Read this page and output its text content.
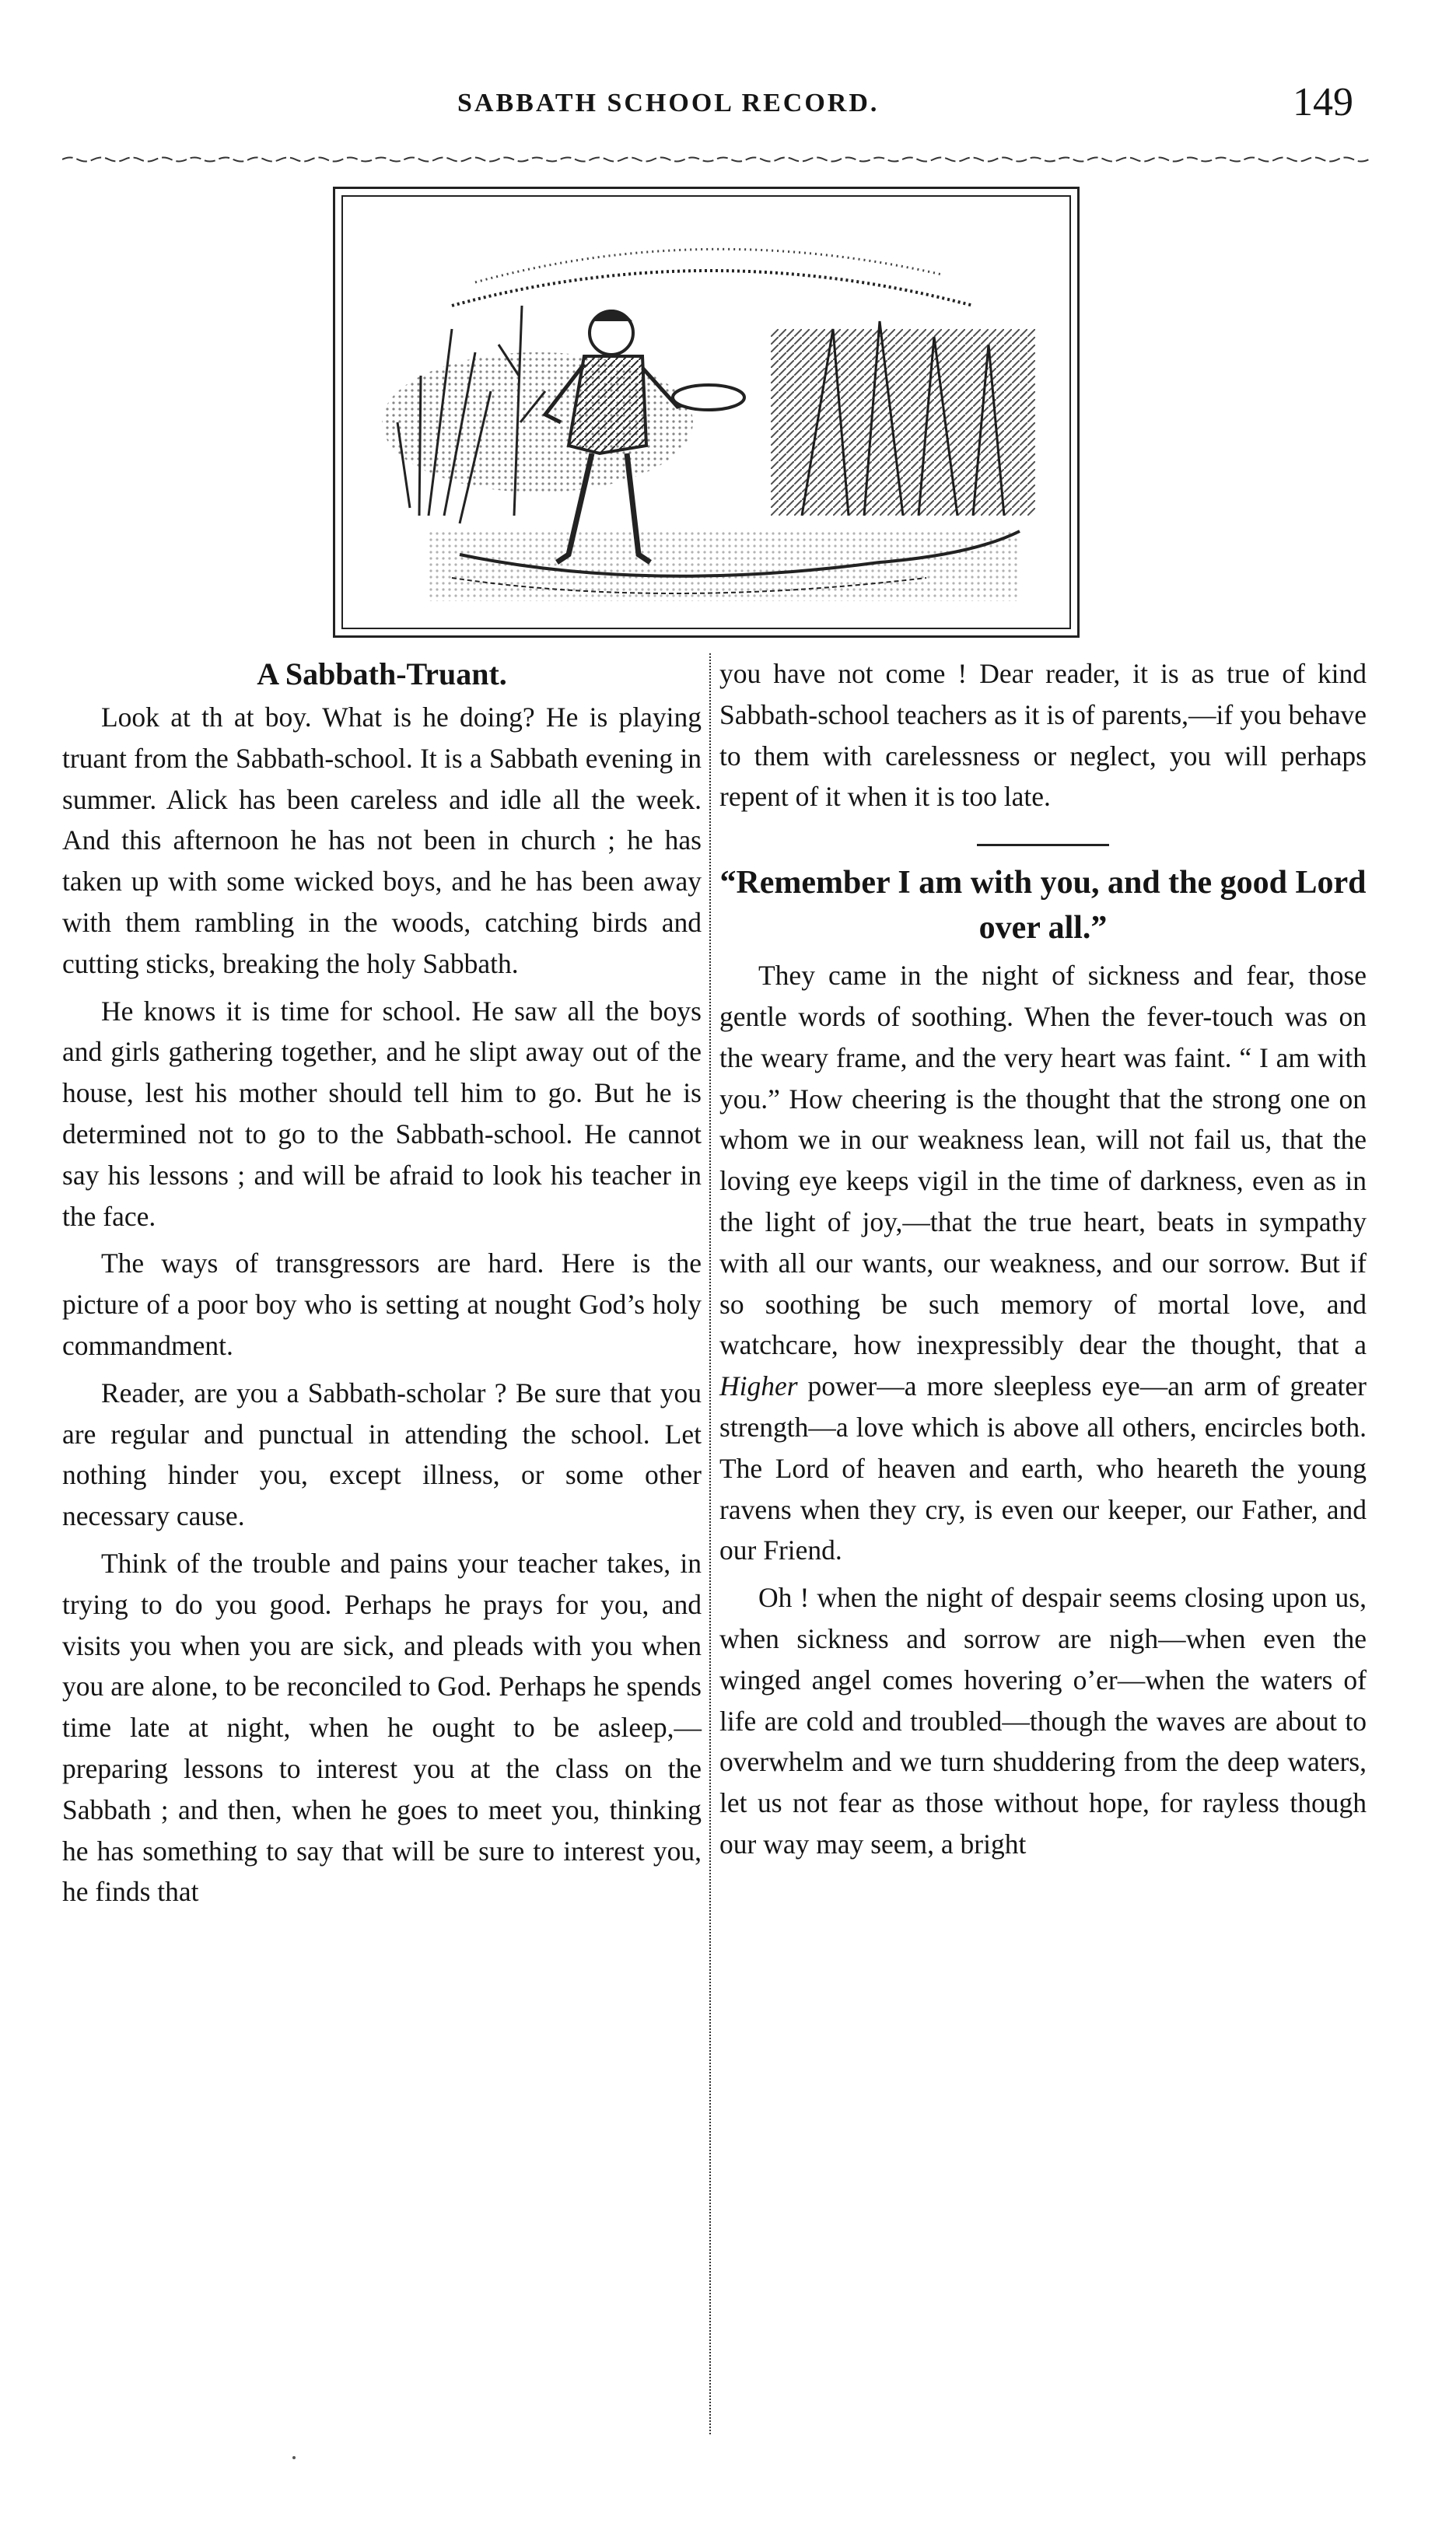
SABBATH SCHOOL RECORD.	149
A Sabbath-Truant.

Look at th at boy. What is he doing? He is playing truant from the Sabbath-school. It is a Sabbath evening in summer. Alick has been careless and idle all the week. And this afternoon he has not been in church ; he has taken up with some wicked boys, and he has been away with them rambling in the woods, catching birds and cutting sticks, breaking the holy Sabbath.

He knows it is time for school. He saw all the boys and girls gathering together, and he slipt away out of the house, lest his mother should tell him to go. But he is determined not to go to the Sabbath-school. He cannot say his lessons ; and will be afraid to look his teacher in the face.

The ways of transgressors are hard. Here is the picture of a poor boy who is setting at nought God’s holy commandment.

Reader, are you a Sabbath-scholar ? Be sure that you are regular and punctual in attending the school. Let nothing hinder you, except illness, or some other necessary cause.

Think of the trouble and pains your teacher takes, in trying to do you good. Perhaps he prays for you, and visits you when you are sick, and pleads with you when you are alone, to be reconciled to God. Perhaps he spends time late at night, when he ought to be asleep,—preparing lessons to interest you at the class on the Sabbath ; and then, when he goes to meet you, thinking he has something to say that will be sure to interest you, he finds that

you have not come ! Dear reader, it is as true of kind Sabbath-school teachers as it is of parents,—if you behave to them with carelessness or neglect, you will perhaps repent of it when it is too late.

“Remember I am with you, and the good Lord over all.”

They came in the night of sickness and fear, those gentle words of soothing. When the fever-touch was on the weary frame, and the very heart was faint. “ I am with you.” How cheering is the thought that the strong one on whom we in our weakness lean, will not fail us, that the loving eye keeps vigil in the time of darkness, even as in the light of joy,—that the true heart, beats in sympathy with all our wants, our weakness, and our sorrow. But if so soothing be such memory of mortal love, and watchcare, how inexpressibly dear the thought, that a Higher power—a more sleepless eye—an arm of greater strength—a love which is above all others, encircles both. The Lord of heaven and earth, who heareth the young ravens when they cry, is even our keeper, our Father, and our Friend.

Oh ! when the night of despair seems closing upon us, when sickness and sorrow are nigh—when even the winged angel comes hovering o’er—when the waters of life are cold and troubled—though the waves are about to overwhelm and we turn shuddering from the deep waters, let us not fear as those without hope, for rayless though our way may seem, a bright
